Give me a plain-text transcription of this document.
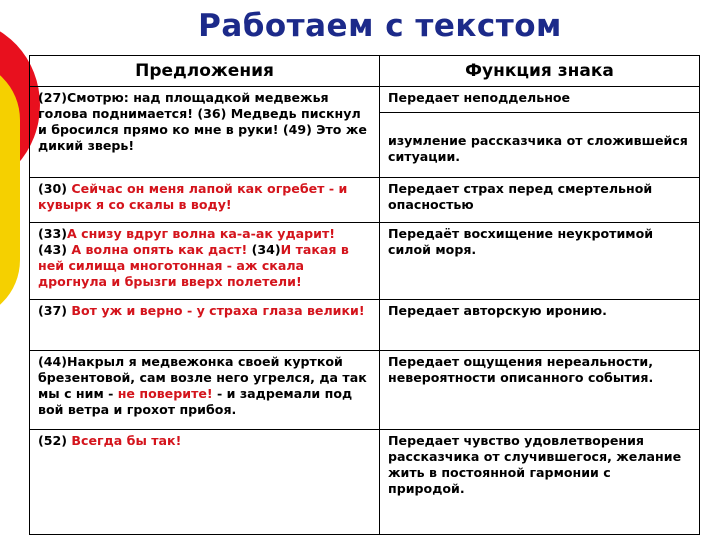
Работаем с текстом
Предложения	Функция знака
(27)Смотрю: над площадкой медвежья голова поднимается! (36) Медведь пискнул и бросился прямо ко мне в руки! (49) Это же дикий зверь!	Передает неподдельное
изумление рассказчика от сложившейся ситуации.
(30) Сейчас он меня лапой как огребет - и кувырк я со скалы в воду!	Передает страх перед смертельной опасностью
(33)А снизу вдруг волна ка-а-ак ударит!
(43) А волна опять как даст! (34)И такая в ней силища многотонная - аж скала дрогнула и брызги вверх полетели!	Передаёт восхищение неукротимой силой моря.
(37) Вот уж и верно - у страха глаза велики!	Передает авторскую иронию.
(44)Накрыл я медвежонка своей курткой брезентовой, сам возле него угрелся, да так мы с ним - не поверите! - и задремали под вой ветра и грохот прибоя.	Передает ощущения нереальности, невероятности описанного события.
(52) Всегда бы так!	Передает чувство удовлетворения рассказчика от случившегося, желание жить в постоянной гармонии с природой.
